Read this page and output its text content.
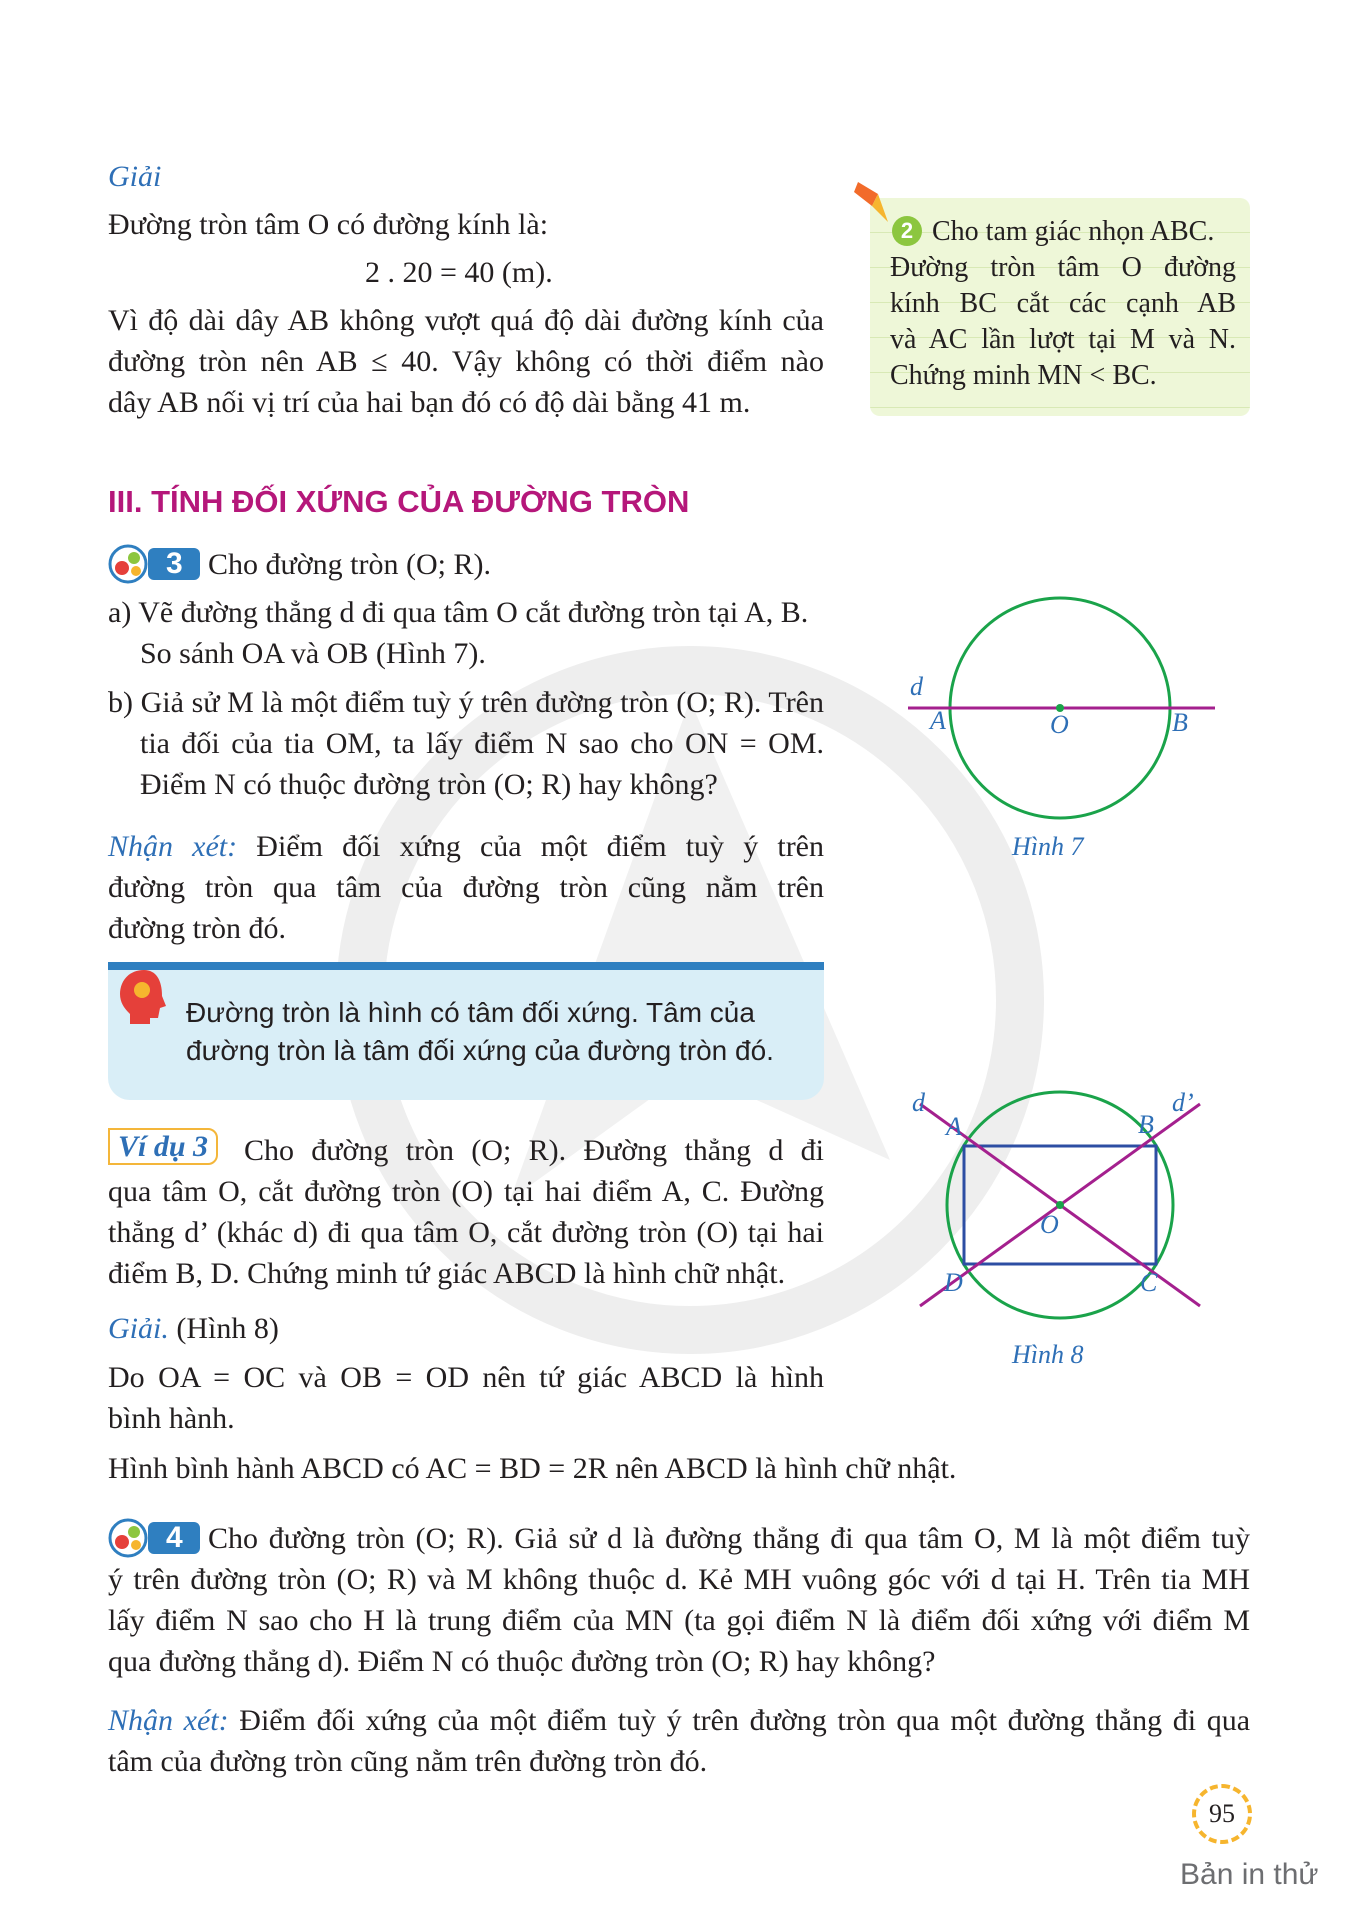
Giải
Đường tròn tâm O có đường kính là:
2 . 20 = 40 (m).
Vì độ dài dây AB không vượt quá độ dài đường kính của
đường tròn nên AB ≤ 40. Vậy không có thời điểm nào
dây AB nối vị trí của hai bạn đó có độ dài bằng 41 m.
2 Cho tam giác nhọn ABC.
Đường tròn tâm O đường
kính BC cắt các cạnh AB
và AC lần lượt tại M và N.
Chứng minh MN < BC.
III. TÍNH ĐỐI XỨNG CỦA ĐƯỜNG TRÒN
3 Cho đường tròn (O; R).
a) Vẽ đường thẳng d đi qua tâm O cắt đường tròn tại A, B.
So sánh OA và OB (Hình 7).
b) Giả sử M là một điểm tuỳ ý trên đường tròn (O; R). Trên
tia đối của tia OM, ta lấy điểm N sao cho ON = OM.
Điểm N có thuộc đường tròn (O; R) hay không?
d
A	O	B
Hình 7
Nhận xét: Điểm đối xứng của một điểm tuỳ ý trên
đường tròn qua tâm của đường tròn cũng nằm trên
đường tròn đó.
Đường tròn là hình có tâm đối xứng. Tâm của
đường tròn là tâm đối xứng của đường tròn đó.
Ví dụ 3	Cho đường tròn (O; R). Đường thẳng d đi
qua tâm O, cắt đường tròn (O) tại hai điểm A, C. Đường
thẳng d’ (khác d) đi qua tâm O, cắt đường tròn (O) tại hai
điểm B, D. Chứng minh tứ giác ABCD là hình chữ nhật.
Giải. (Hình 8)
Do OA = OC và OB = OD nên tứ giác ABCD là hình
bình hành.
Hình bình hành ABCD có AC = BD = 2R nên ABCD là hình chữ nhật.
d	d’
A	B
O
D	C
Hình 8
4 Cho đường tròn (O; R). Giả sử d là đường thẳng đi qua tâm O, M là một điểm tuỳ
ý trên đường tròn (O; R) và M không thuộc d. Kẻ MH vuông góc với d tại H. Trên tia MH
lấy điểm N sao cho H là trung điểm của MN (ta gọi điểm N là điểm đối xứng với điểm M
qua đường thẳng d). Điểm N có thuộc đường tròn (O; R) hay không?
Nhận xét: Điểm đối xứng của một điểm tuỳ ý trên đường tròn qua một đường thẳng đi qua
tâm của đường tròn cũng nằm trên đường tròn đó.
95
Bản in thử
